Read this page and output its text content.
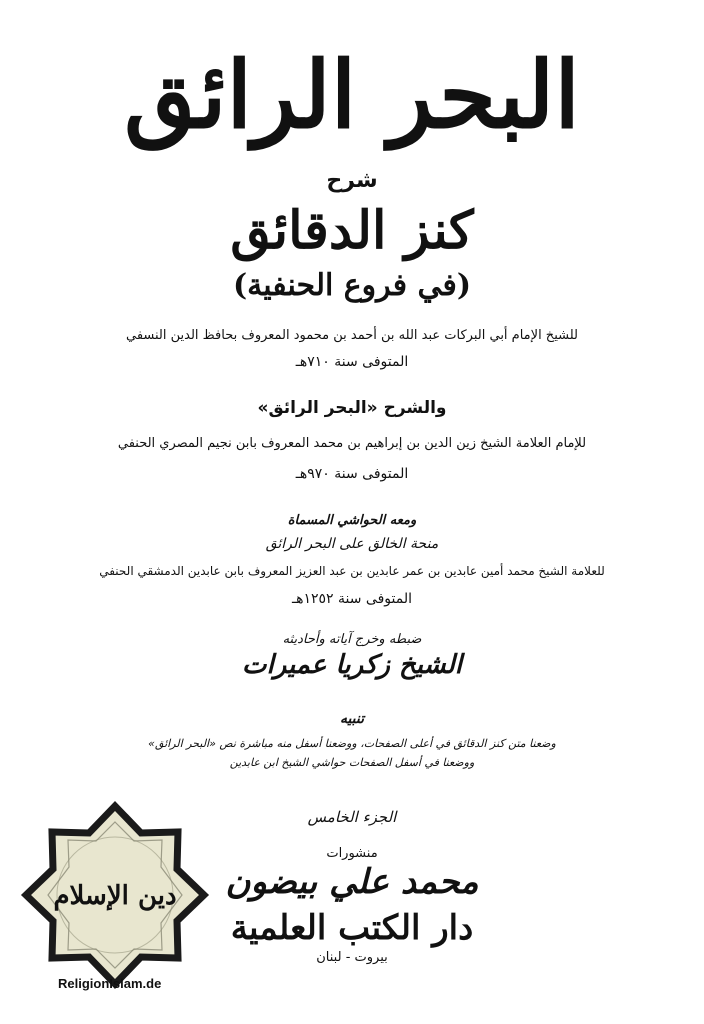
البحر الرائق
شرح
كنز الدقائق
(في فروع الحنفية)
للشيخ الإمام أبي البركات عبد الله بن أحمد بن محمود المعروف بحافظ الدين النسفي
المتوفى سنة ٧١٠هـ
والشرح «البحر الرائق»
للإمام العلامة الشيخ زين الدين بن إبراهيم بن محمد المعروف بابن نجيم المصري الحنفي
المتوفى سنة ٩٧٠هـ
ومعه الحواشي المسماة
منحة الخالق على البحر الرائق
للعلامة الشيخ محمد أمين عابدين بن عمر عابدين بن عبد العزيز المعروف بابن عابدين الدمشقي الحنفي
المتوفى سنة ١٢٥٢هـ
ضبطه وخرج آياته وأحاديثه
الشيخ زكريا عميرات
تنبيه
وضعنا متن كنز الدقائق في أعلى الصفحات، ووضعنا أسفل منه مباشرة نص «البحر الرائق»
ووضعنا في أسفل الصفحات حواشي الشيخ ابن عابدين
الجزء الخامس
منشورات
محمد علي بيضون
دار الكتب العلمية
بيروت - لبنان
دين الإسلام
ReligionIslam.de
